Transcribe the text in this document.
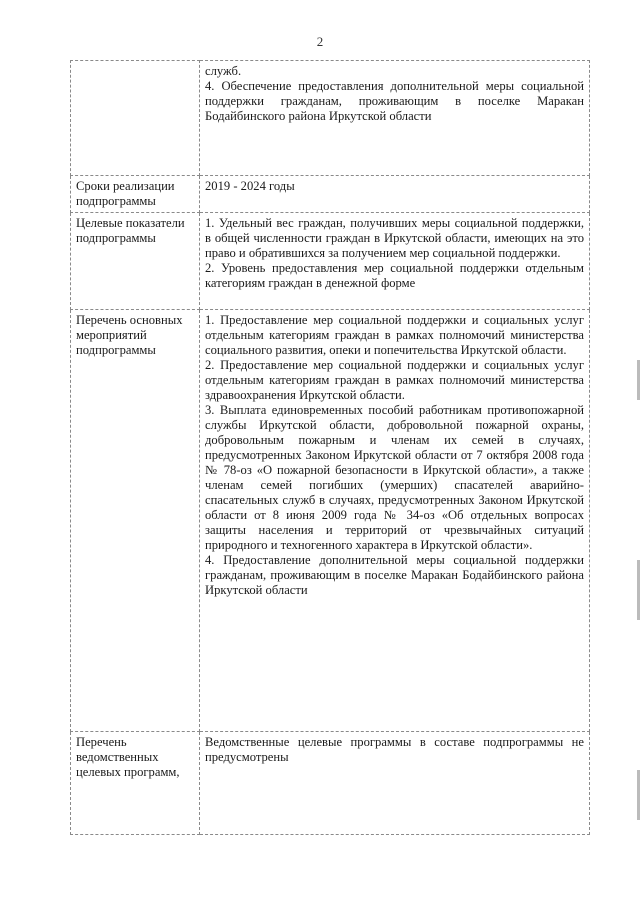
2

	служб.
4. Обеспечение предоставления дополнительной меры социальной поддержки гражданам, проживающим в поселке Маракан Бодайбинского района Иркутской области

Сроки реализации подпрограммы	2019 - 2024 годы

Целевые показатели подпрограммы	1. Удельный вес граждан, получивших меры социальной поддержки, в общей численности граждан в Иркутской области, имеющих на это право и обратившихся за получением мер социальной поддержки.
2. Уровень предоставления мер социальной поддержки отдельным категориям граждан в денежной форме

Перечень основных мероприятий подпрограммы	1. Предоставление мер социальной поддержки и социальных услуг отдельным категориям граждан в рамках полномочий министерства социального развития, опеки и попечительства Иркутской области.
2. Предоставление мер социальной поддержки и социальных услуг отдельным категориям граждан в рамках полномочий министерства здравоохранения Иркутской области.
3. Выплата единовременных пособий работникам противопожарной службы Иркутской области, добровольной пожарной охраны, добровольным пожарным и членам их семей в случаях, предусмотренных Законом Иркутской области от 7 октября 2008 года № 78-оз «О пожарной безопасности в Иркутской области», а также членам семей погибших (умерших) спасателей аварийно-спасательных служб в случаях, предусмотренных Законом Иркутской области от 8 июня 2009 года № 34-оз «Об отдельных вопросах защиты населения и территорий от чрезвычайных ситуаций природного и техногенного характера в Иркутской области».
4. Предоставление дополнительной меры социальной поддержки гражданам, проживающим в поселке Маракан Бодайбинского района Иркутской области

Перечень ведомственных целевых программ,	Ведомственные целевые программы в составе подпрограммы не предусмотрены
